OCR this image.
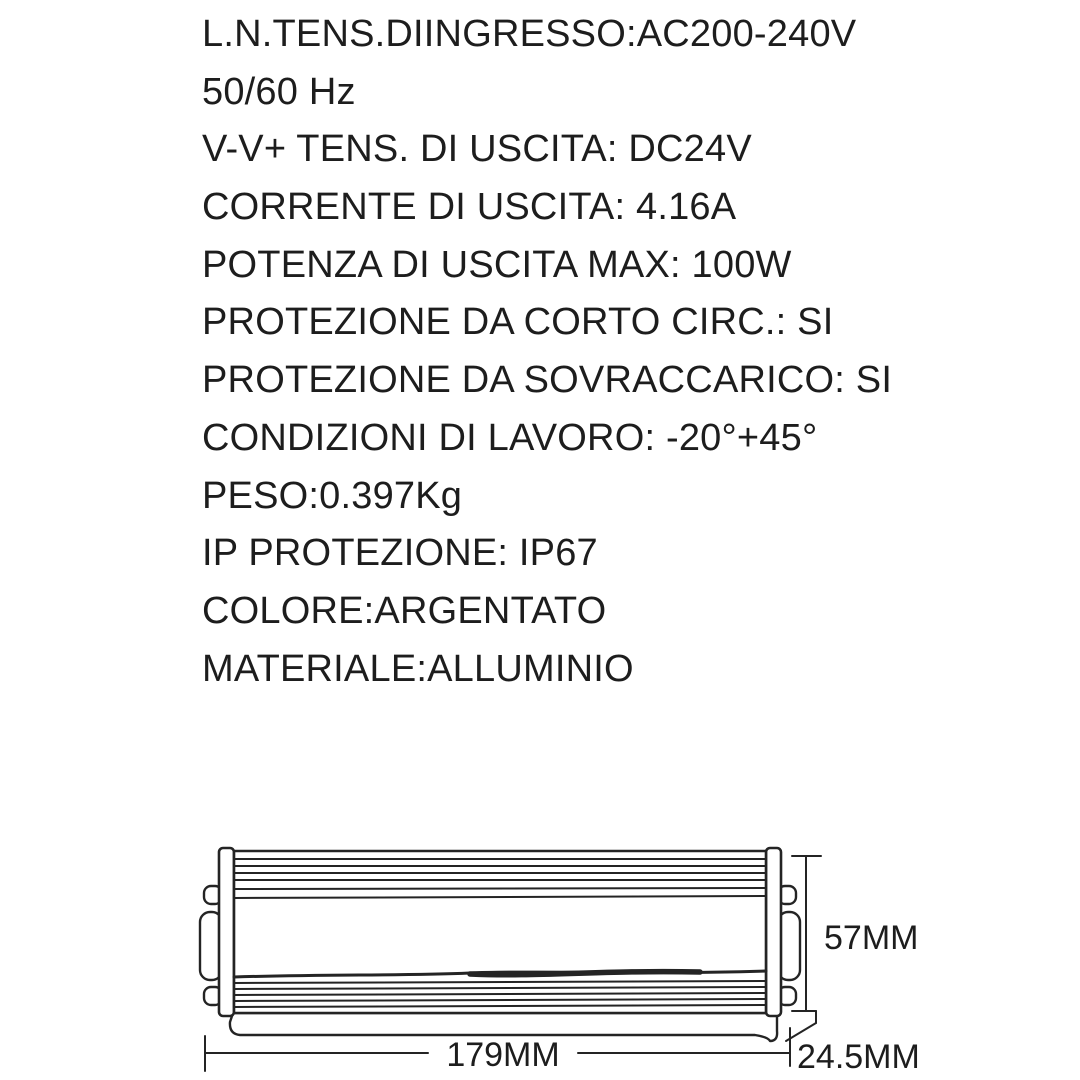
L.N.TENS.DIINGRESSO:AC200-240V
50/60 Hz
V-V+ TENS. DI USCITA: DC24V
CORRENTE DI USCITA: 4.16A
POTENZA DI USCITA MAX: 100W
PROTEZIONE DA CORTO CIRC.: SI
PROTEZIONE DA SOVRACCARICO: SI
CONDIZIONI DI LAVORO: -20°+45°
PESO:0.397Kg
IP PROTEZIONE: IP67
COLORE:ARGENTATO
MATERIALE:ALLUMINIO
179MM
57MM
24.5MM
